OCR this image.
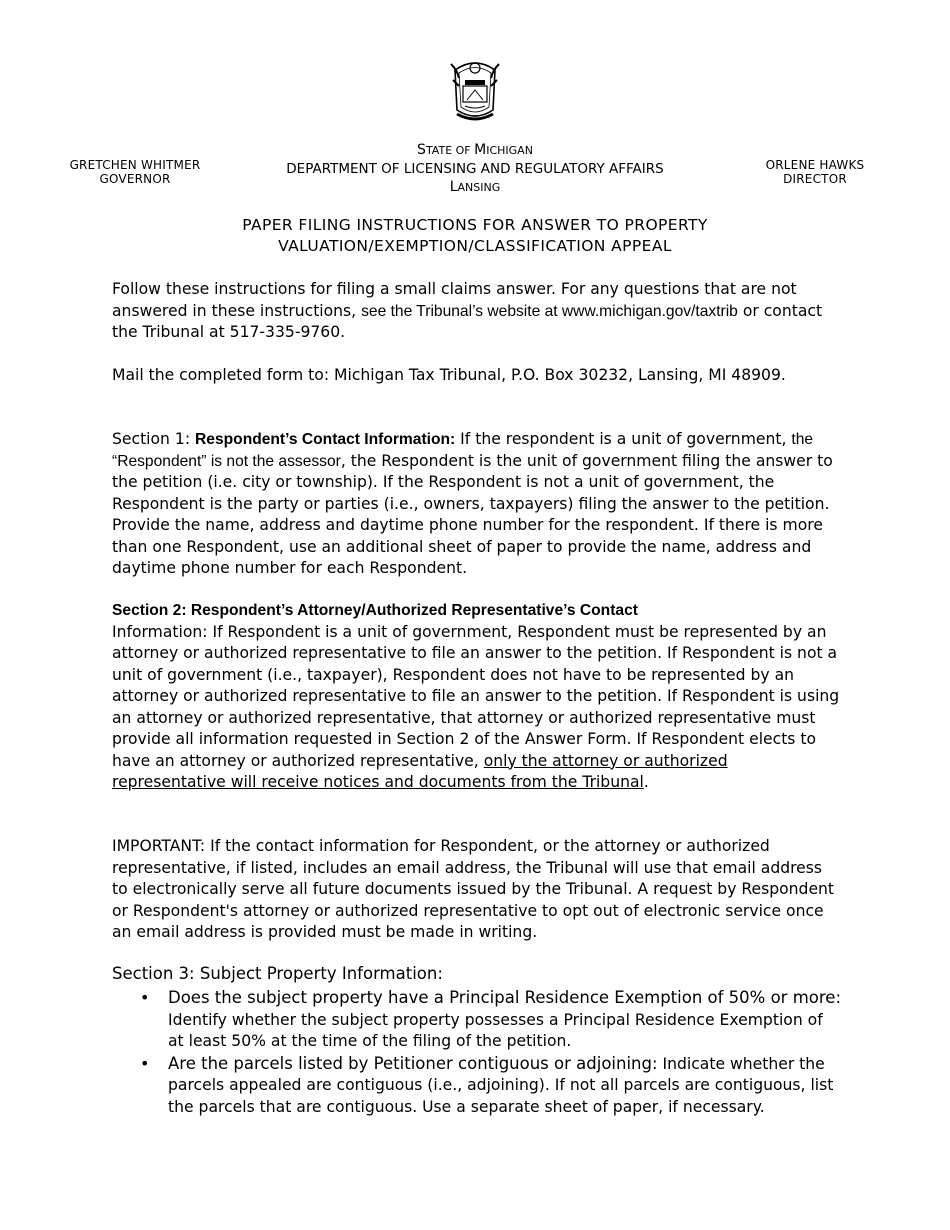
GRETCHEN WHITMER
GOVERNOR
STATE OF MICHIGAN
DEPARTMENT OF LICENSING AND REGULATORY AFFAIRS
LANSING
ORLENE HAWKS
DIRECTOR
PAPER FILING INSTRUCTIONS FOR ANSWER TO PROPERTY
VALUATION/EXEMPTION/CLASSIFICATION APPEAL
Follow these instructions for filing a small claims answer. For any questions that are not answered in these instructions, see the Tribunal’s website at www.michigan.gov/taxtrib or contact the Tribunal at 517-335-9760.
Mail the completed form to: Michigan Tax Tribunal, P.O. Box 30232, Lansing, MI 48909.
Section 1: Respondent’s Contact Information: If the respondent is a unit of government, the “Respondent” is not the assessor, the Respondent is the unit of government filing the answer to the petition (i.e. city or township). If the Respondent is not a unit of government, the Respondent is the party or parties (i.e., owners, taxpayers) filing the answer to the petition. Provide the name, address and daytime phone number for the respondent. If there is more than one Respondent, use an additional sheet of paper to provide the name, address and daytime phone number for each Respondent.
Section 2: Respondent’s Attorney/Authorized Representative’s Contact
Information: If Respondent is a unit of government, Respondent must be represented by an attorney or authorized representative to file an answer to the petition. If Respondent is not a unit of government (i.e., taxpayer), Respondent does not have to be represented by an attorney or authorized representative to file an answer to the petition. If Respondent is using an attorney or authorized representative, that attorney or authorized representative must provide all information requested in Section 2 of the Answer Form. If Respondent elects to have an attorney or authorized representative, only the attorney or authorized representative will receive notices and documents from the Tribunal.
IMPORTANT: If the contact information for Respondent, or the attorney or authorized representative, if listed, includes an email address, the Tribunal will use that email address to electronically serve all future documents issued by the Tribunal. A request by Respondent or Respondent's attorney or authorized representative to opt out of electronic service once an email address is provided must be made in writing.
Section 3: Subject Property Information:
• Does the subject property have a Principal Residence Exemption of 50% or more: Identify whether the subject property possesses a Principal Residence Exemption of at least 50% at the time of the filing of the petition.
• Are the parcels listed by Petitioner contiguous or adjoining: Indicate whether the parcels appealed are contiguous (i.e., adjoining). If not all parcels are contiguous, list the parcels that are contiguous. Use a separate sheet of paper, if necessary.
